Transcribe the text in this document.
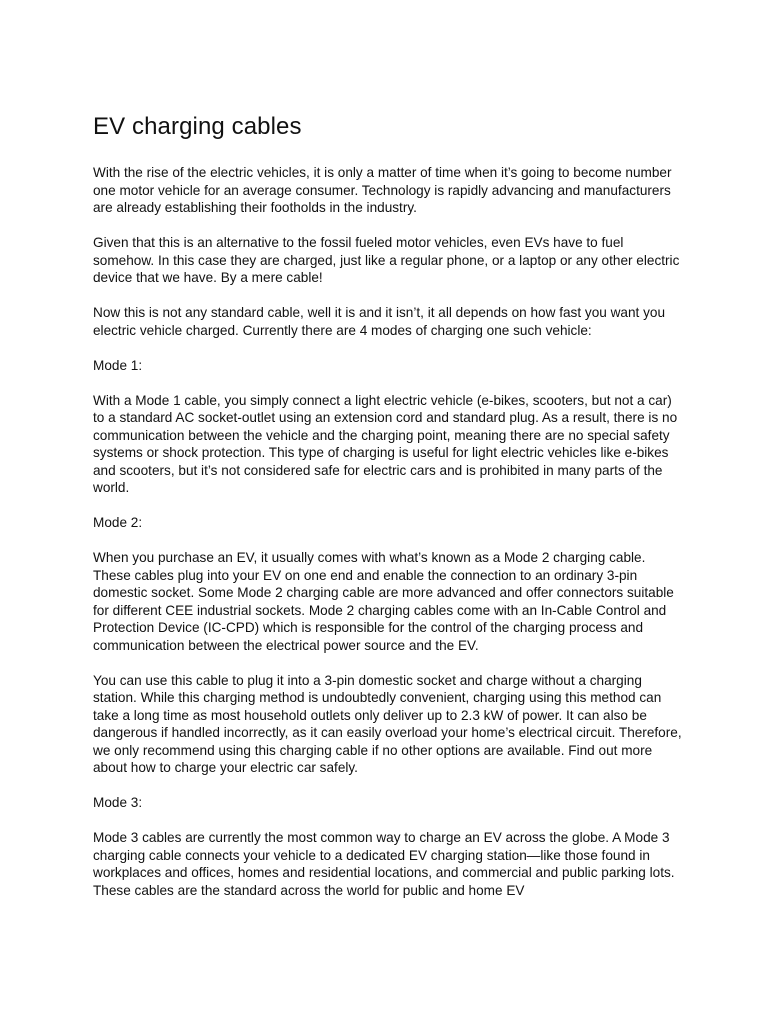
EV charging cables

With the rise of the electric vehicles, it is only a matter of time when it’s going to become number one motor vehicle for an average consumer. Technology is rapidly advancing and manufacturers are already establishing their footholds in the industry.

Given that this is an alternative to the fossil fueled motor vehicles, even EVs have to fuel somehow. In this case they are charged, just like a regular phone, or a laptop or any other electric device that we have. By a mere cable!

Now this is not any standard cable, well it is and it isn’t, it all depends on how fast you want you electric vehicle charged. Currently there are 4 modes of charging one such vehicle:

Mode 1:

With a Mode 1 cable, you simply connect a light electric vehicle (e-bikes, scooters, but not a car) to a standard AC socket-outlet using an extension cord and standard plug. As a result, there is no communication between the vehicle and the charging point, meaning there are no special safety systems or shock protection. This type of charging is useful for light electric vehicles like e-bikes and scooters, but it’s not considered safe for electric cars and is prohibited in many parts of the world.

Mode 2:

When you purchase an EV, it usually comes with what’s known as a Mode 2 charging cable. These cables plug into your EV on one end and enable the connection to an ordinary 3-pin domestic socket. Some Mode 2 charging cable are more advanced and offer connectors suitable for different CEE industrial sockets. Mode 2 charging cables come with an In-Cable Control and Protection Device (IC-CPD) which is responsible for the control of the charging process and communication between the electrical power source and the EV.

You can use this cable to plug it into a 3-pin domestic socket and charge without a charging station. While this charging method is undoubtedly convenient, charging using this method can take a long time as most household outlets only deliver up to 2.3 kW of power. It can also be dangerous if handled incorrectly, as it can easily overload your home’s electrical circuit. Therefore, we only recommend using this charging cable if no other options are available. Find out more about how to charge your electric car safely.

Mode 3:

Mode 3 cables are currently the most common way to charge an EV across the globe. A Mode 3 charging cable connects your vehicle to a dedicated EV charging station—like those found in workplaces and offices, homes and residential locations, and commercial and public parking lots. These cables are the standard across the world for public and home EV
